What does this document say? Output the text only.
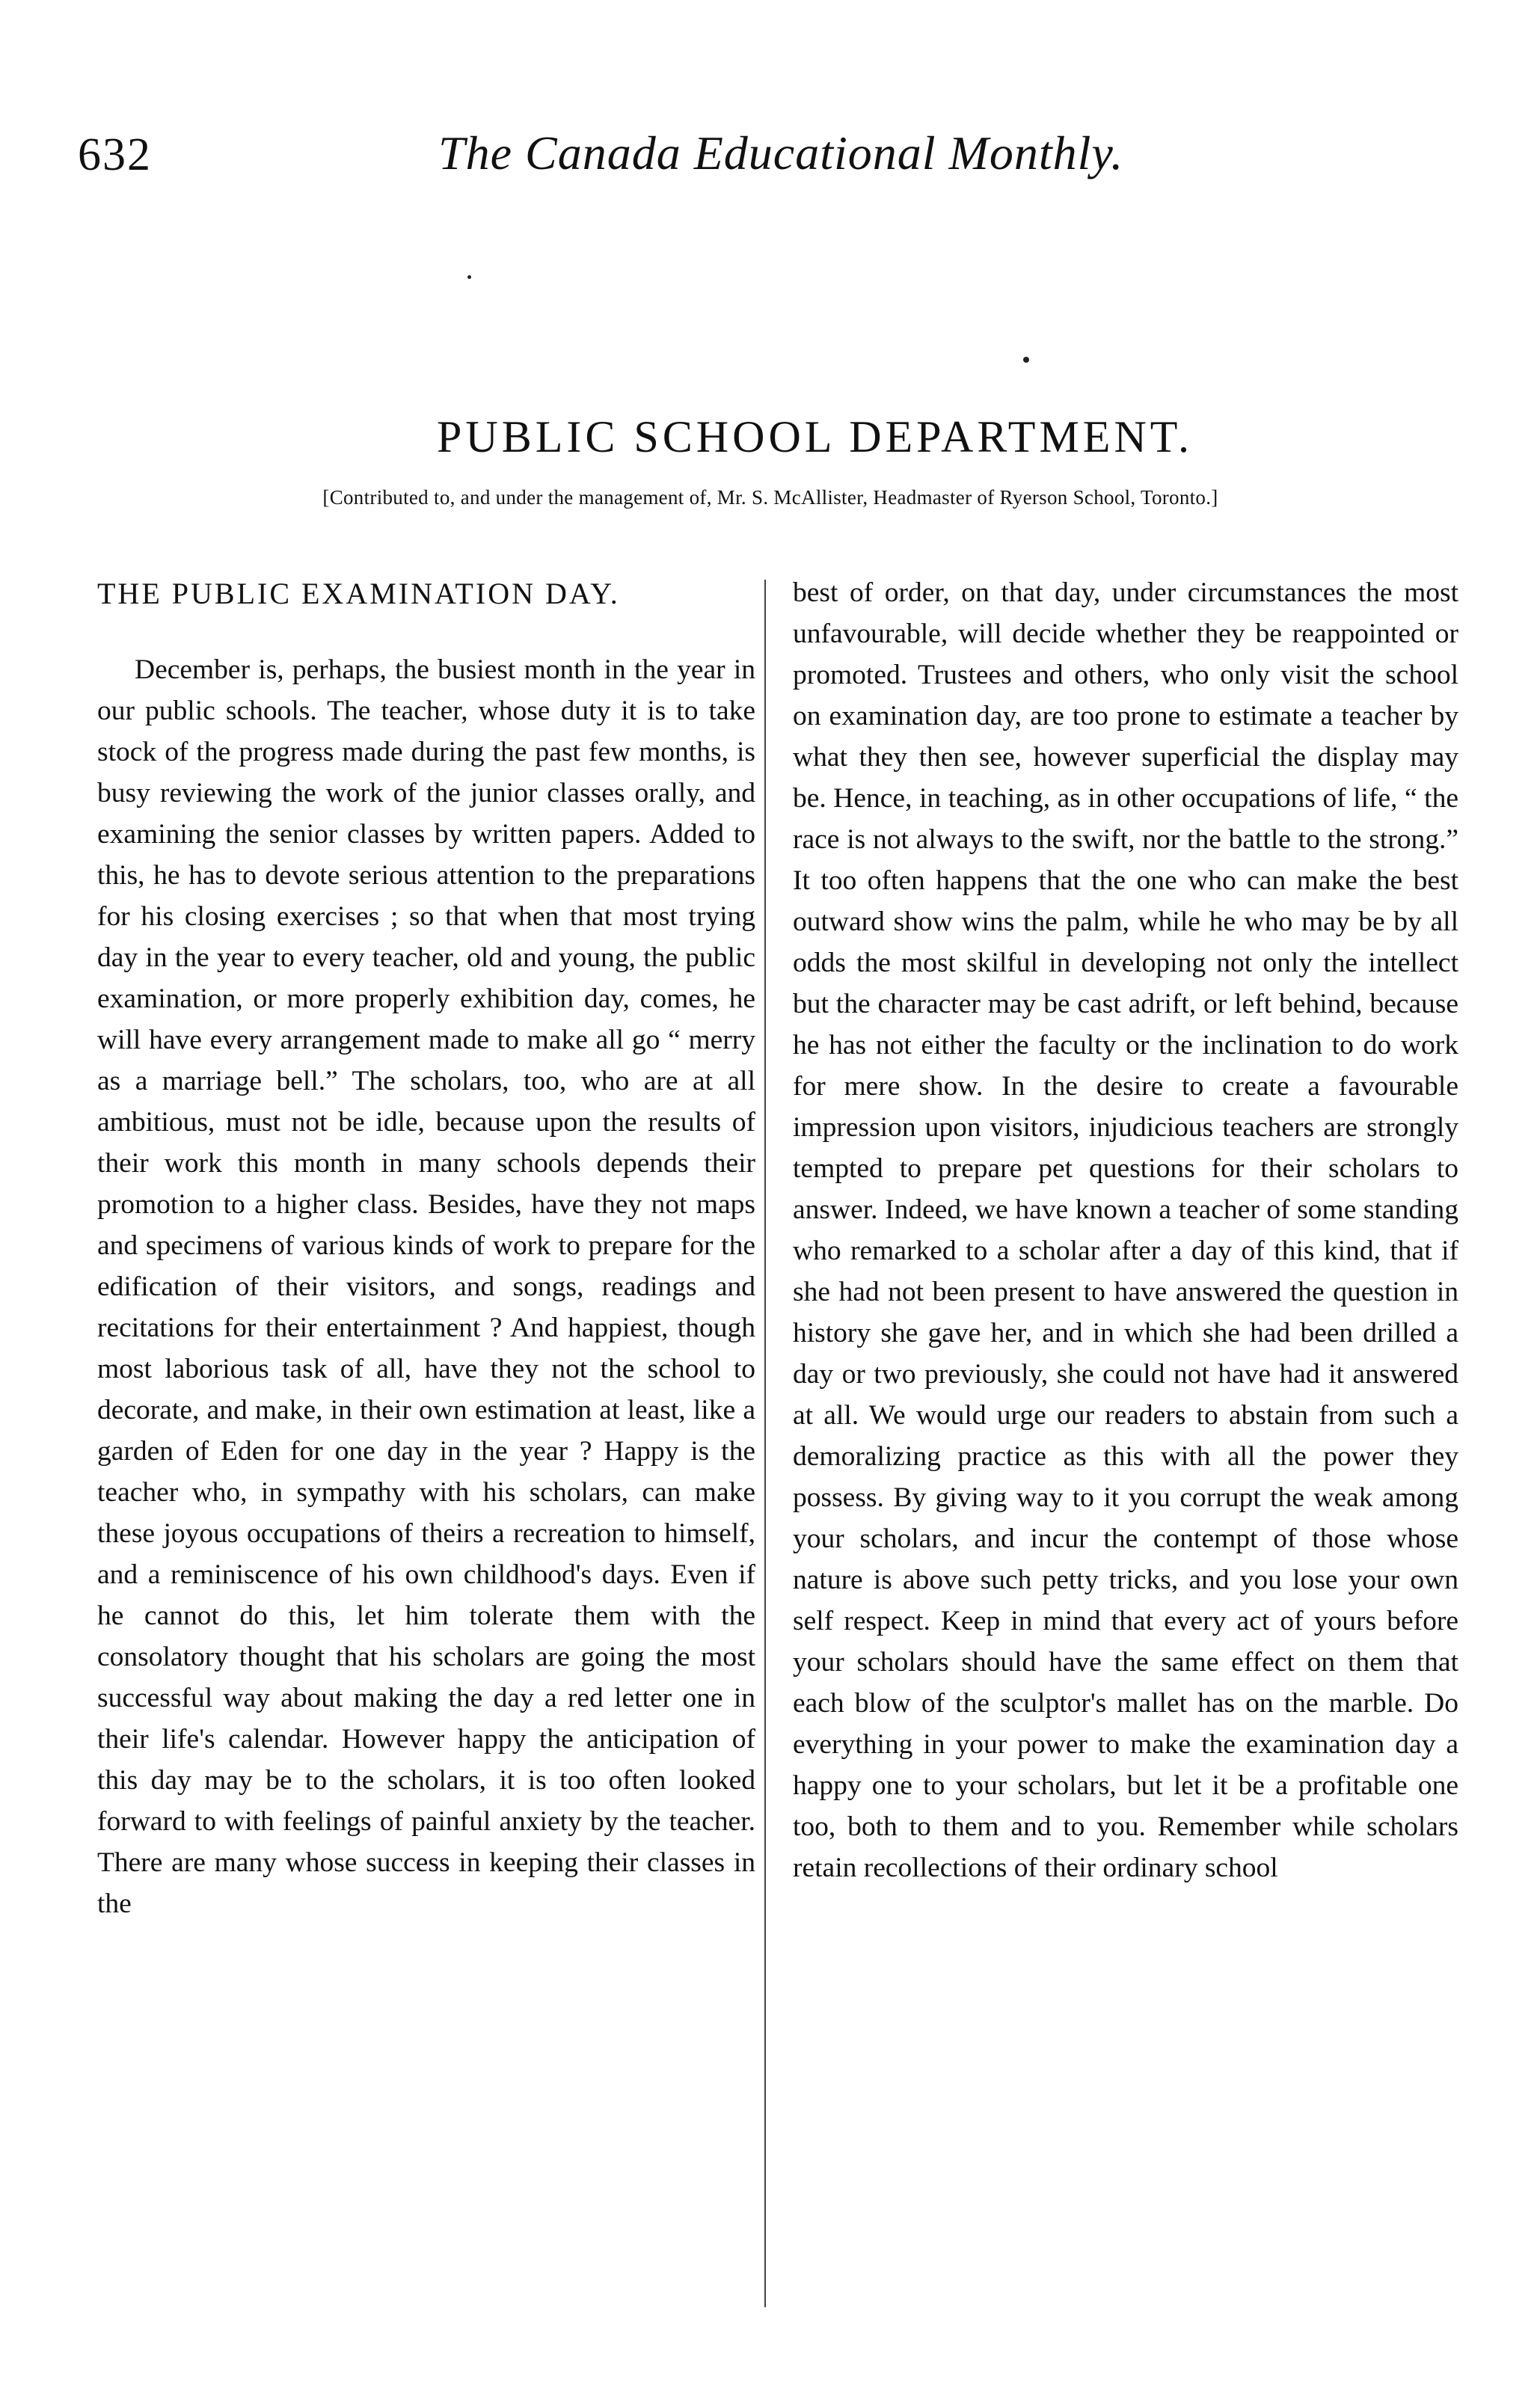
632	The Canada Educational Monthly.
PUBLIC SCHOOL DEPARTMENT.
[Contributed to, and under the management of, Mr. S. McAllister, Headmaster of Ryerson School, Toronto.]
THE PUBLIC EXAMINATION DAY.

December is, perhaps, the busiest month in the year in our public schools. The teacher, whose duty it is to take stock of the progress made during the past few months, is busy reviewing the work of the junior classes orally, and examining the senior classes by written papers. Added to this, he has to devote serious attention to the preparations for his closing exercises ; so that when that most trying day in the year to every teacher, old and young, the public examination, or more properly exhibition day, comes, he will have every arrangement made to make all go “ merry as a marriage bell.” The scholars, too, who are at all ambitious, must not be idle, because upon the results of their work this month in many schools depends their promotion to a higher class. Besides, have they not maps and specimens of various kinds of work to prepare for the edification of their visitors, and songs, readings and recitations for their entertainment ? And happiest, though most laborious task of all, have they not the school to decorate, and make, in their own estimation at least, like a garden of Eden for one day in the year ? Happy is the teacher who, in sympathy with his scholars, can make these joyous occupations of theirs a recreation to himself, and a reminiscence of his own childhood's days. Even if he cannot do this, let him tolerate them with the consolatory thought that his scholars are going the most successful way about making the day a red letter one in their life's calendar. However happy the anticipation of this day may be to the scholars, it is too often looked forward to with feelings of painful anxiety by the teacher. There are many whose success in keeping their classes in the

best of order, on that day, under circumstances the most unfavourable, will decide whether they be reappointed or promoted. Trustees and others, who only visit the school on examination day, are too prone to estimate a teacher by what they then see, however superficial the display may be. Hence, in teaching, as in other occupations of life, “ the race is not always to the swift, nor the battle to the strong.” It too often happens that the one who can make the best outward show wins the palm, while he who may be by all odds the most skilful in developing not only the intellect but the character may be cast adrift, or left behind, because he has not either the faculty or the inclination to do work for mere show. In the desire to create a favourable impression upon visitors, injudicious teachers are strongly tempted to prepare pet questions for their scholars to answer. Indeed, we have known a teacher of some standing who remarked to a scholar after a day of this kind, that if she had not been present to have answered the question in history she gave her, and in which she had been drilled a day or two previously, she could not have had it answered at all. We would urge our readers to abstain from such a demoralizing practice as this with all the power they possess. By giving way to it you corrupt the weak among your scholars, and incur the contempt of those whose nature is above such petty tricks, and you lose your own self respect. Keep in mind that every act of yours before your scholars should have the same effect on them that each blow of the sculptor's mallet has on the marble. Do everything in your power to make the examination day a happy one to your scholars, but let it be a profitable one too, both to them and to you. Remember while scholars retain recollections of their ordinary school
